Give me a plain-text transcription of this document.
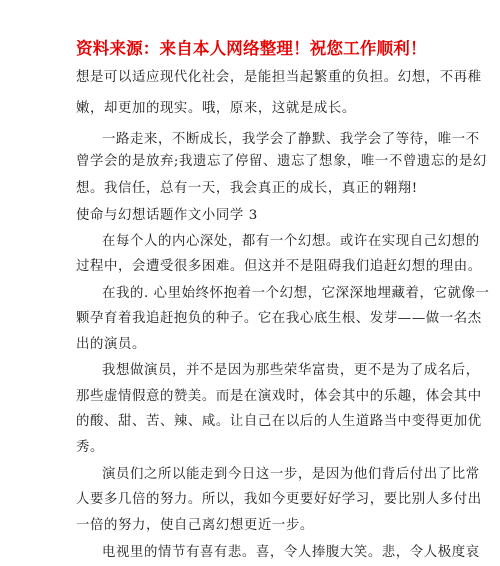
资料来源：来自本人网络整理！祝您工作顺利！
想是可以适应现代化社会，是能担当起繁重的负担。幻想，不再稚
嫩，却更加的现实。哦，原来，这就是成长。
一路走来，不断成长，我学会了静默、我学会了等待，唯一不
曾学会的是放弃;我遗忘了停留、遗忘了想象，唯一不曾遗忘的是幻
想。我信任，总有一天，我会真正的成长，真正的翱翔!
使命与幻想话题作文小同学 3
在每个人的内心深处，都有一个幻想。或许在实现自己幻想的
过程中，会遭受很多困难。但这并不是阻碍我们追赶幻想的理由。
在我的. 心里始终怀抱着一个幻想，它深深地埋藏着，它就像一
颗孕育着我追赶抱负的种子。它在我心底生根、发芽——做一名杰
出的演员。
我想做演员，并不是因为那些荣华富贵，更不是为了成名后，
那些虚情假意的赞美。而是在演戏时，体会其中的乐趣，体会其中
的酸、甜、苦、辣、咸。让自己在以后的人生道路当中变得更加优
秀。
演员们之所以能走到今日这一步，是因为他们背后付出了比常
人要多几倍的努力。所以，我如今更要好好学习，要比别人多付出
一倍的努力，使自己离幻想更近一步。
电视里的情节有喜有悲。喜，令人捧腹大笑。悲，令人极度哀
